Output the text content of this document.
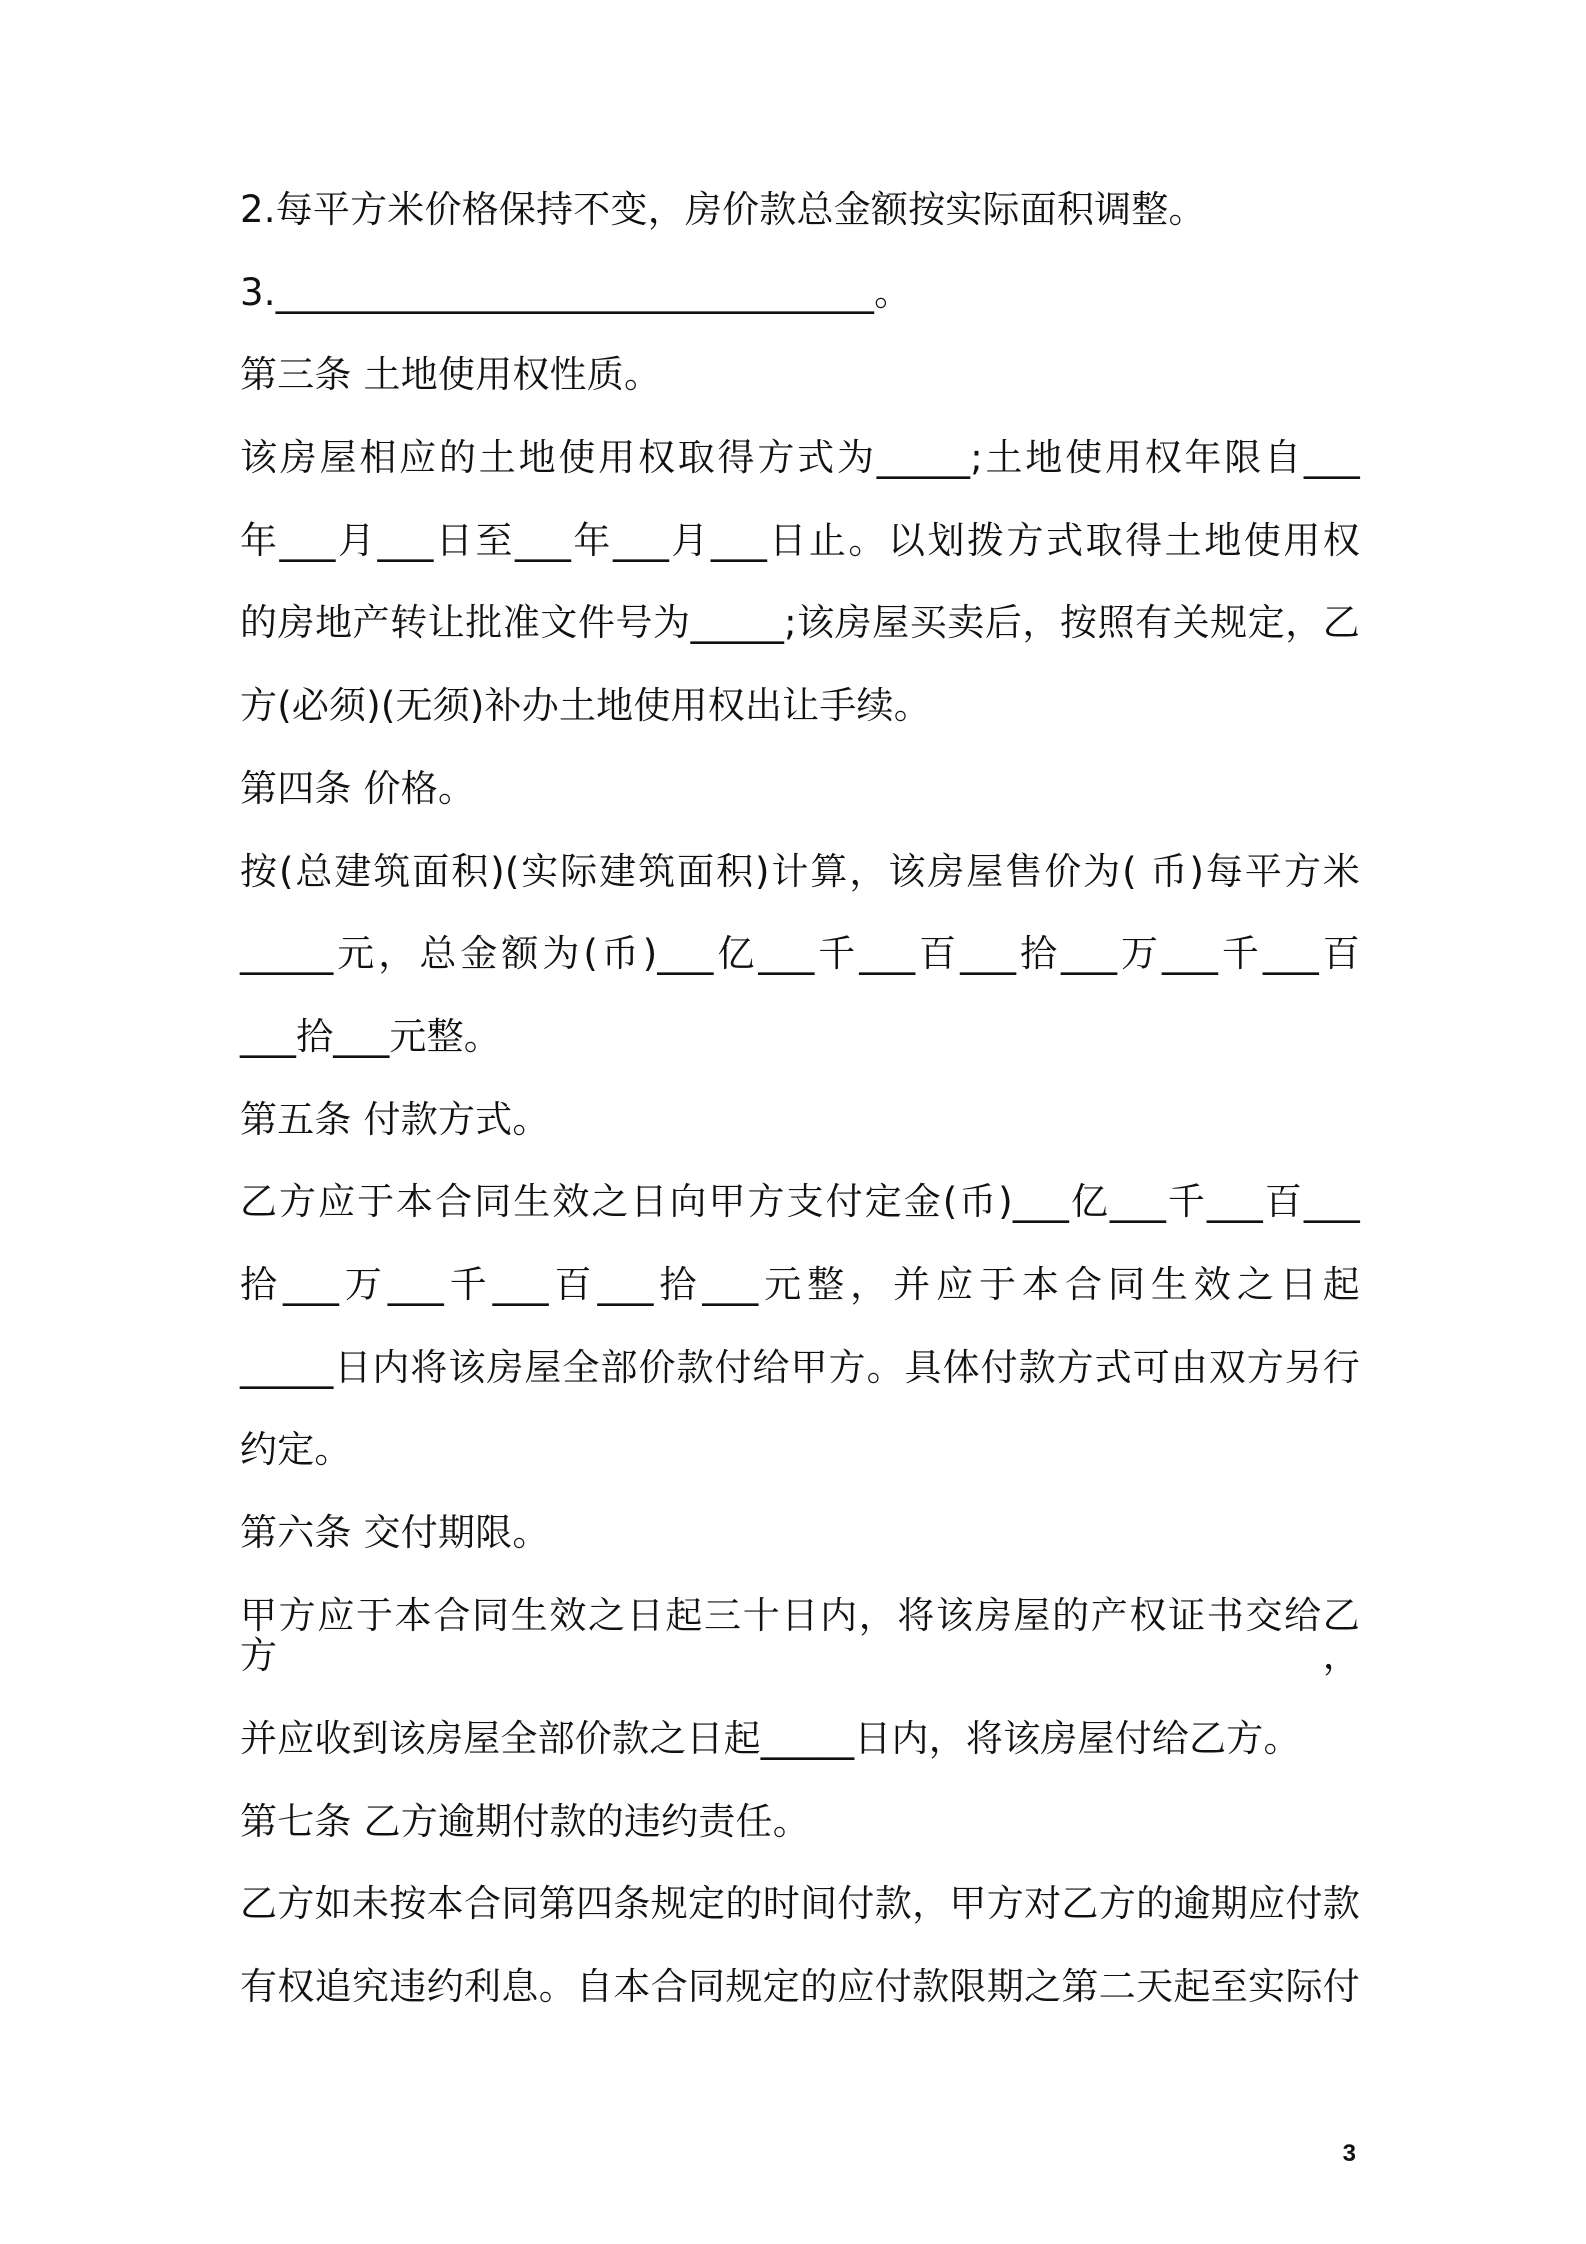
2.每平方米价格保持不变，房价款总金额按实际面积调整。

3.________________________________。

第三条 土地使用权性质。

该房屋相应的土地使用权取得方式为_____;土地使用权年限自___

年___月___日至___年___月___日止。以划拨方式取得土地使用权

的房地产转让批准文件号为_____;该房屋买卖后，按照有关规定，乙

方(必须)(无须)补办土地使用权出让手续。

第四条 价格。

按(总建筑面积)(实际建筑面积)计算，该房屋售价为( 币)每平方米

_____元，总金额为(币)___亿___千___百___拾___万___千___百

___拾___元整。

第五条 付款方式。

乙方应于本合同生效之日向甲方支付定金(币)___亿___千___百___

拾___万___千___百___拾___元整，并应于本合同生效之日起

_____日内将该房屋全部价款付给甲方。具体付款方式可由双方另行

约定。

第六条 交付期限。

甲方应于本合同生效之日起三十日内，将该房屋的产权证书交给乙方，

并应收到该房屋全部价款之日起_____日内，将该房屋付给乙方。

第七条 乙方逾期付款的违约责任。

乙方如未按本合同第四条规定的时间付款，甲方对乙方的逾期应付款

有权追究违约利息。自本合同规定的应付款限期之第二天起至实际付

3
